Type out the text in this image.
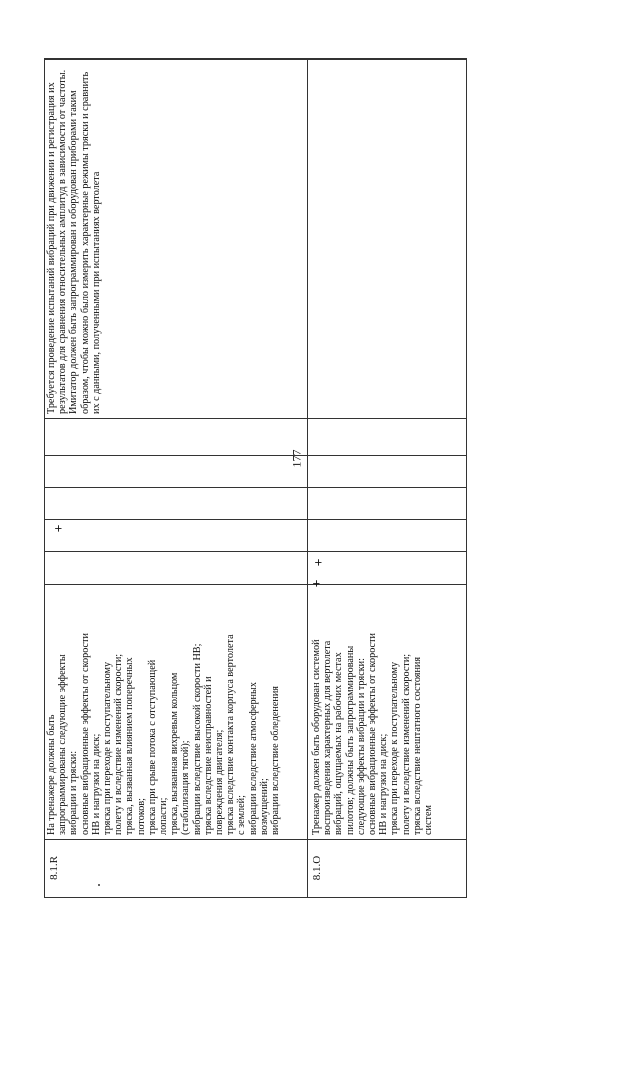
177
8.1.R	8.1.О
На тренажере должны быть запрограммированы следующие эффекты вибрации и тряски: основные вибрационные эффекты от скорости НВ и нагрузки на диск; тряска при переходе к поступательному полету и вследствие изменений скорости; тряска, вызванная влиянием поперечных потоков; тряска при срыве потока с отступающей лопасти; тряска, вызванная вихревым кольцом (стабилизация тягой); вибрации вследствие высокой скорости НВ; тряска вследствие неисправностей и повреждения двигателя; тряска вследствие контакта корпуса вертолета с землей; вибрации вследствие атмосферных возмущений; вибрации вследствие обледенения	Тренажер должен быть оборудован системой воспроизведения характерных для вертолета вибраций, ощущаемых на рабочих местах пилотов; должны быть запрограммированы следующие эффекты вибрации и тряски: основные вибрационные эффекты от скорости НВ и нагрузки на диск; тряска при переходе к поступательному полету и вследствие изменений скорости; тряска вследствие нештатного состояния систем
+
+
+
Требуется проведение испытаний вибраций при движении и регистрация их результатов для сравнения относительных амплитуд в зависимости от частоты. Имитатор должен быть запрограммирован и оборудован приборами таким образом, чтобы можно было измерить характерные режимы тряски и сравнить их с данными, полученными при испытаниях вертолета
